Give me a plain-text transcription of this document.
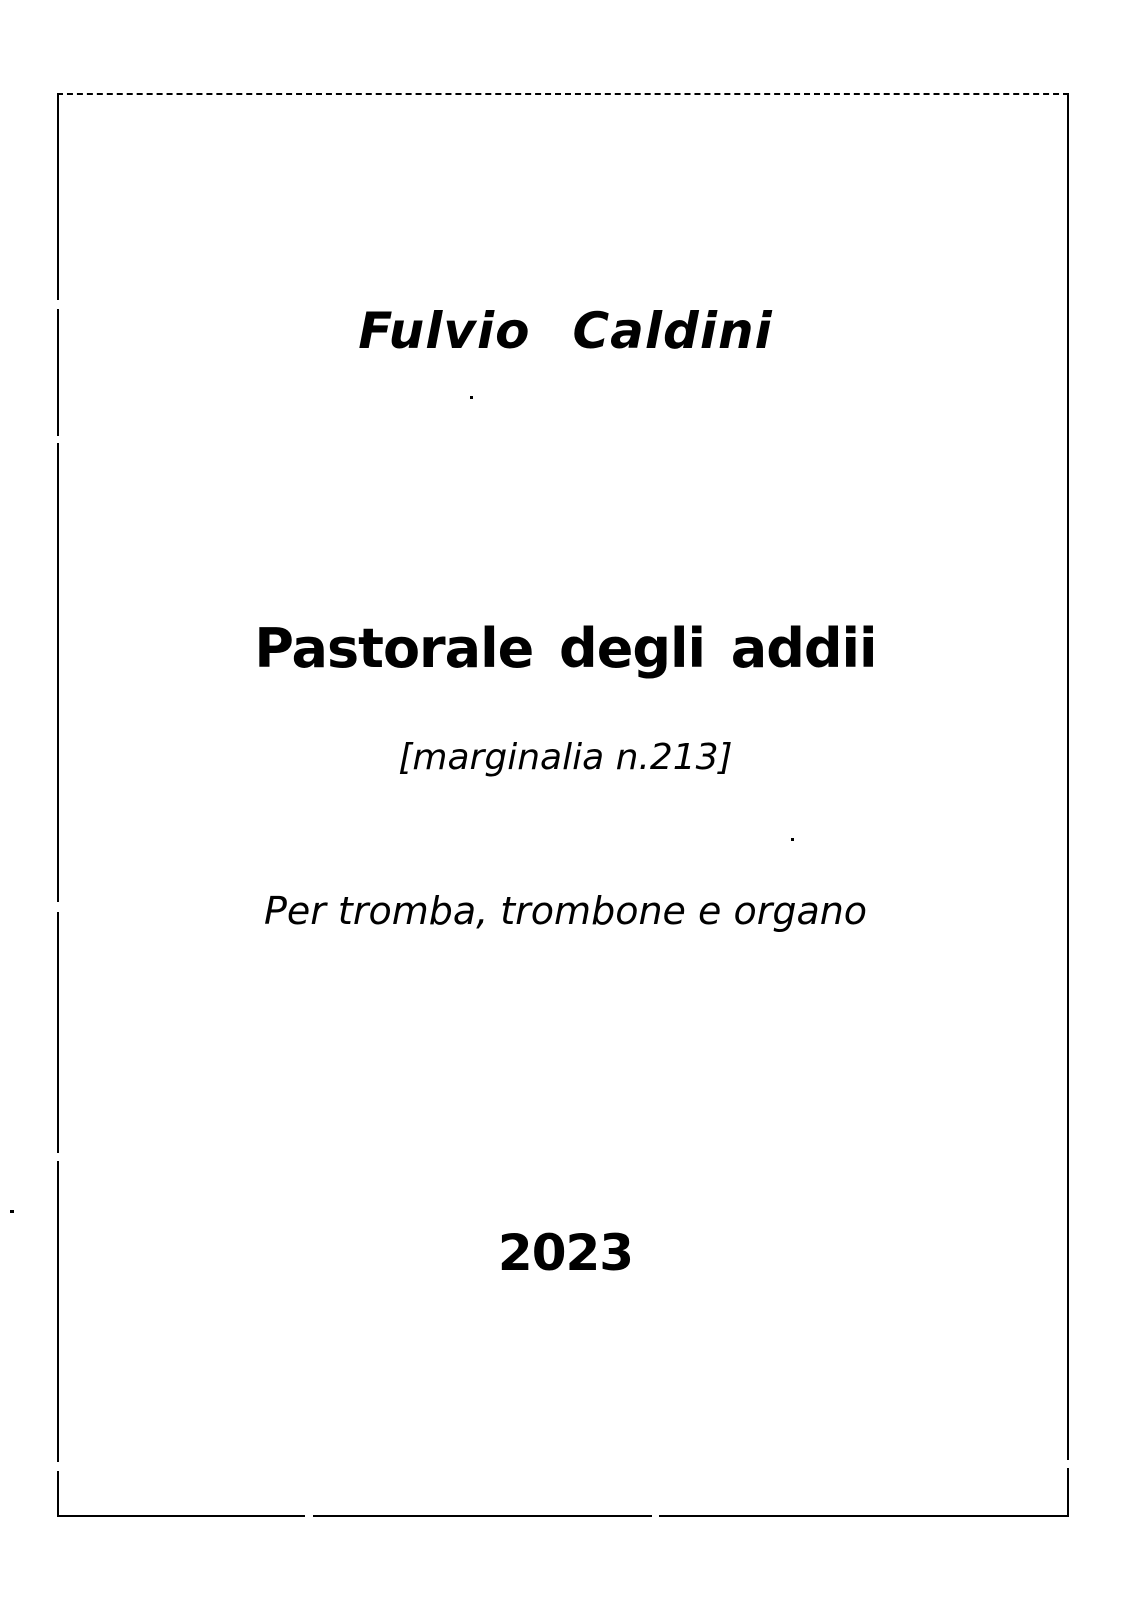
Fulvio Caldini
Pastorale degli addii
[marginalia n.213]
Per tromba, trombone e organo
2023
